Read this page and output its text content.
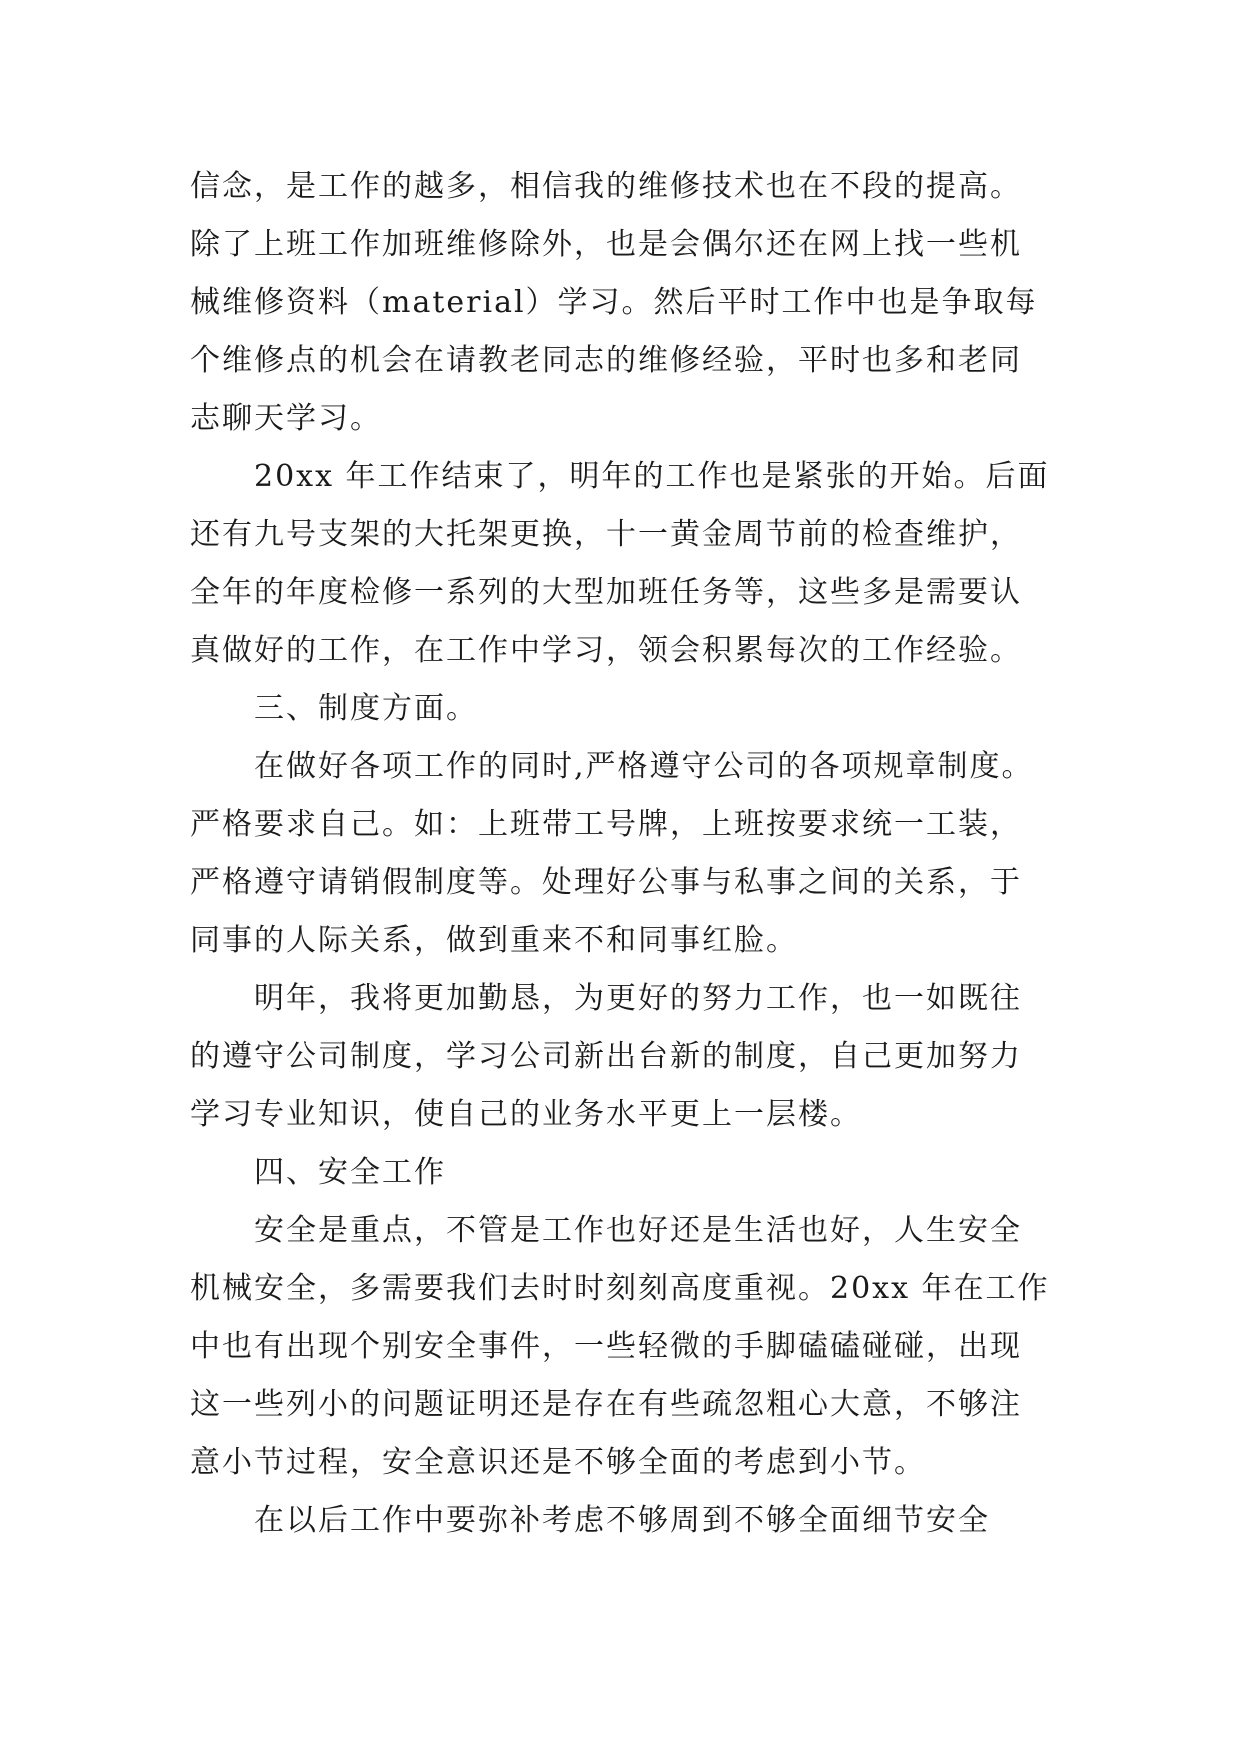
信念，是工作的越多，相信我的维修技术也在不段的提高。
除了上班工作加班维修除外，也是会偶尔还在网上找一些机
械维修资料（material）学习。然后平时工作中也是争取每
个维修点的机会在请教老同志的维修经验，平时也多和老同
志聊天学习。

20xx 年工作结束了，明年的工作也是紧张的开始。后面
还有九号支架的大托架更换，十一黄金周节前的检查维护，
全年的年度检修一系列的大型加班任务等，这些多是需要认
真做好的工作，在工作中学习，领会积累每次的工作经验。

三、制度方面。

在做好各项工作的同时,严格遵守公司的各项规章制度。
严格要求自己。如：上班带工号牌，上班按要求统一工装，
严格遵守请销假制度等。处理好公事与私事之间的关系，于
同事的人际关系，做到重来不和同事红脸。

明年，我将更加勤恳，为更好的努力工作，也一如既往
的遵守公司制度，学习公司新出台新的制度，自己更加努力
学习专业知识，使自己的业务水平更上一层楼。

四、安全工作

安全是重点，不管是工作也好还是生活也好，人生安全
机械安全，多需要我们去时时刻刻高度重视。20xx 年在工作
中也有出现个别安全事件，一些轻微的手脚磕磕碰碰，出现
这一些列小的问题证明还是存在有些疏忽粗心大意，不够注
意小节过程，安全意识还是不够全面的考虑到小节。

在以后工作中要弥补考虑不够周到不够全面细节安全
